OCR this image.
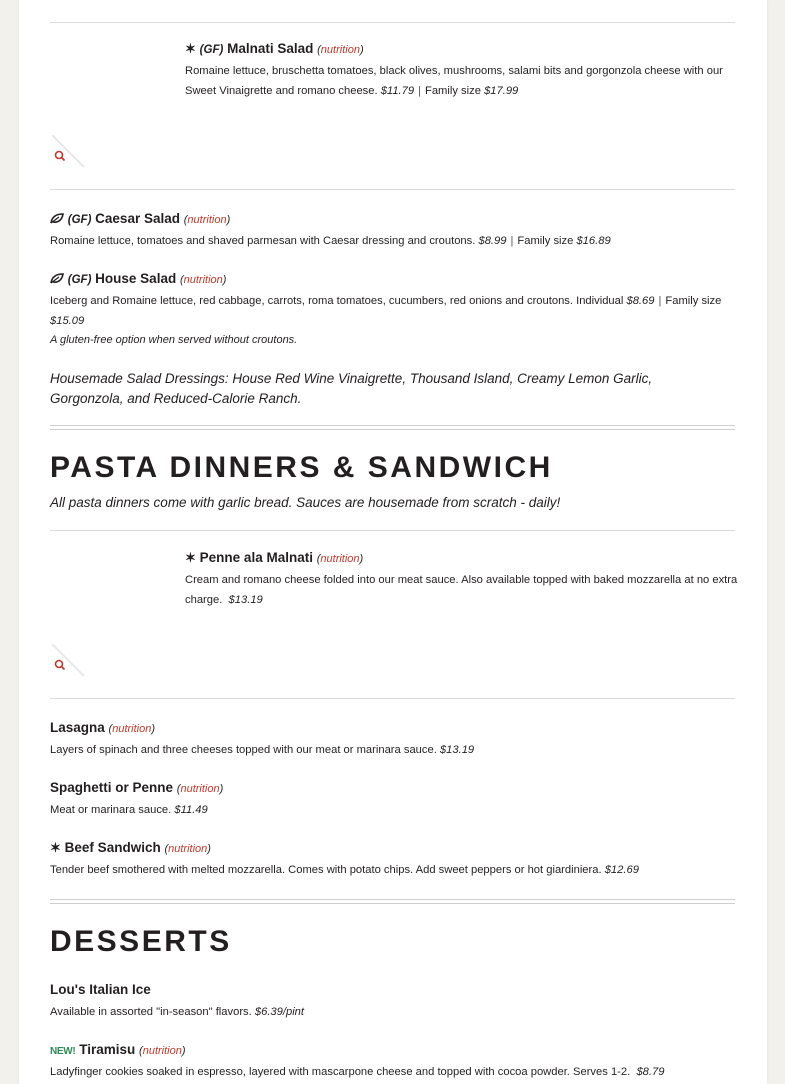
✶ (GF) Malnati Salad (nutrition)
Romaine lettuce, bruschetta tomatoes, black olives, mushrooms, salami bits and gorgonzola cheese with our Sweet Vinaigrette and romano cheese. $11.79 | Family size $17.99
(GF) Caesar Salad (nutrition)
Romaine lettuce, tomatoes and shaved parmesan with Caesar dressing and croutons. $8.99 | Family size $16.89
(GF) House Salad (nutrition)
Iceberg and Romaine lettuce, red cabbage, carrots, roma tomatoes, cucumbers, red onions and croutons. Individual $8.69 | Family size $15.09
A gluten-free option when served without croutons.
Housemade Salad Dressings: House Red Wine Vinaigrette, Thousand Island, Creamy Lemon Garlic, Gorgonzola, and Reduced-Calorie Ranch.
PASTA DINNERS & SANDWICH
All pasta dinners come with garlic bread. Sauces are housemade from scratch - daily!
✶ Penne ala Malnati (nutrition)
Cream and romano cheese folded into our meat sauce. Also available topped with baked mozzarella at no extra charge. $13.19
Lasagna (nutrition)
Layers of spinach and three cheeses topped with our meat or marinara sauce. $13.19
Spaghetti or Penne (nutrition)
Meat or marinara sauce. $11.49
✶ Beef Sandwich (nutrition)
Tender beef smothered with melted mozzarella. Comes with potato chips. Add sweet peppers or hot giardiniera. $12.69
DESSERTS
Lou's Italian Ice
Available in assorted "in-season" flavors. $6.39/pint
NEW! Tiramisu (nutrition)
Ladyfinger cookies soaked in espresso, layered with mascarpone cheese and topped with cocoa powder. Serves 1-2. $8.79
